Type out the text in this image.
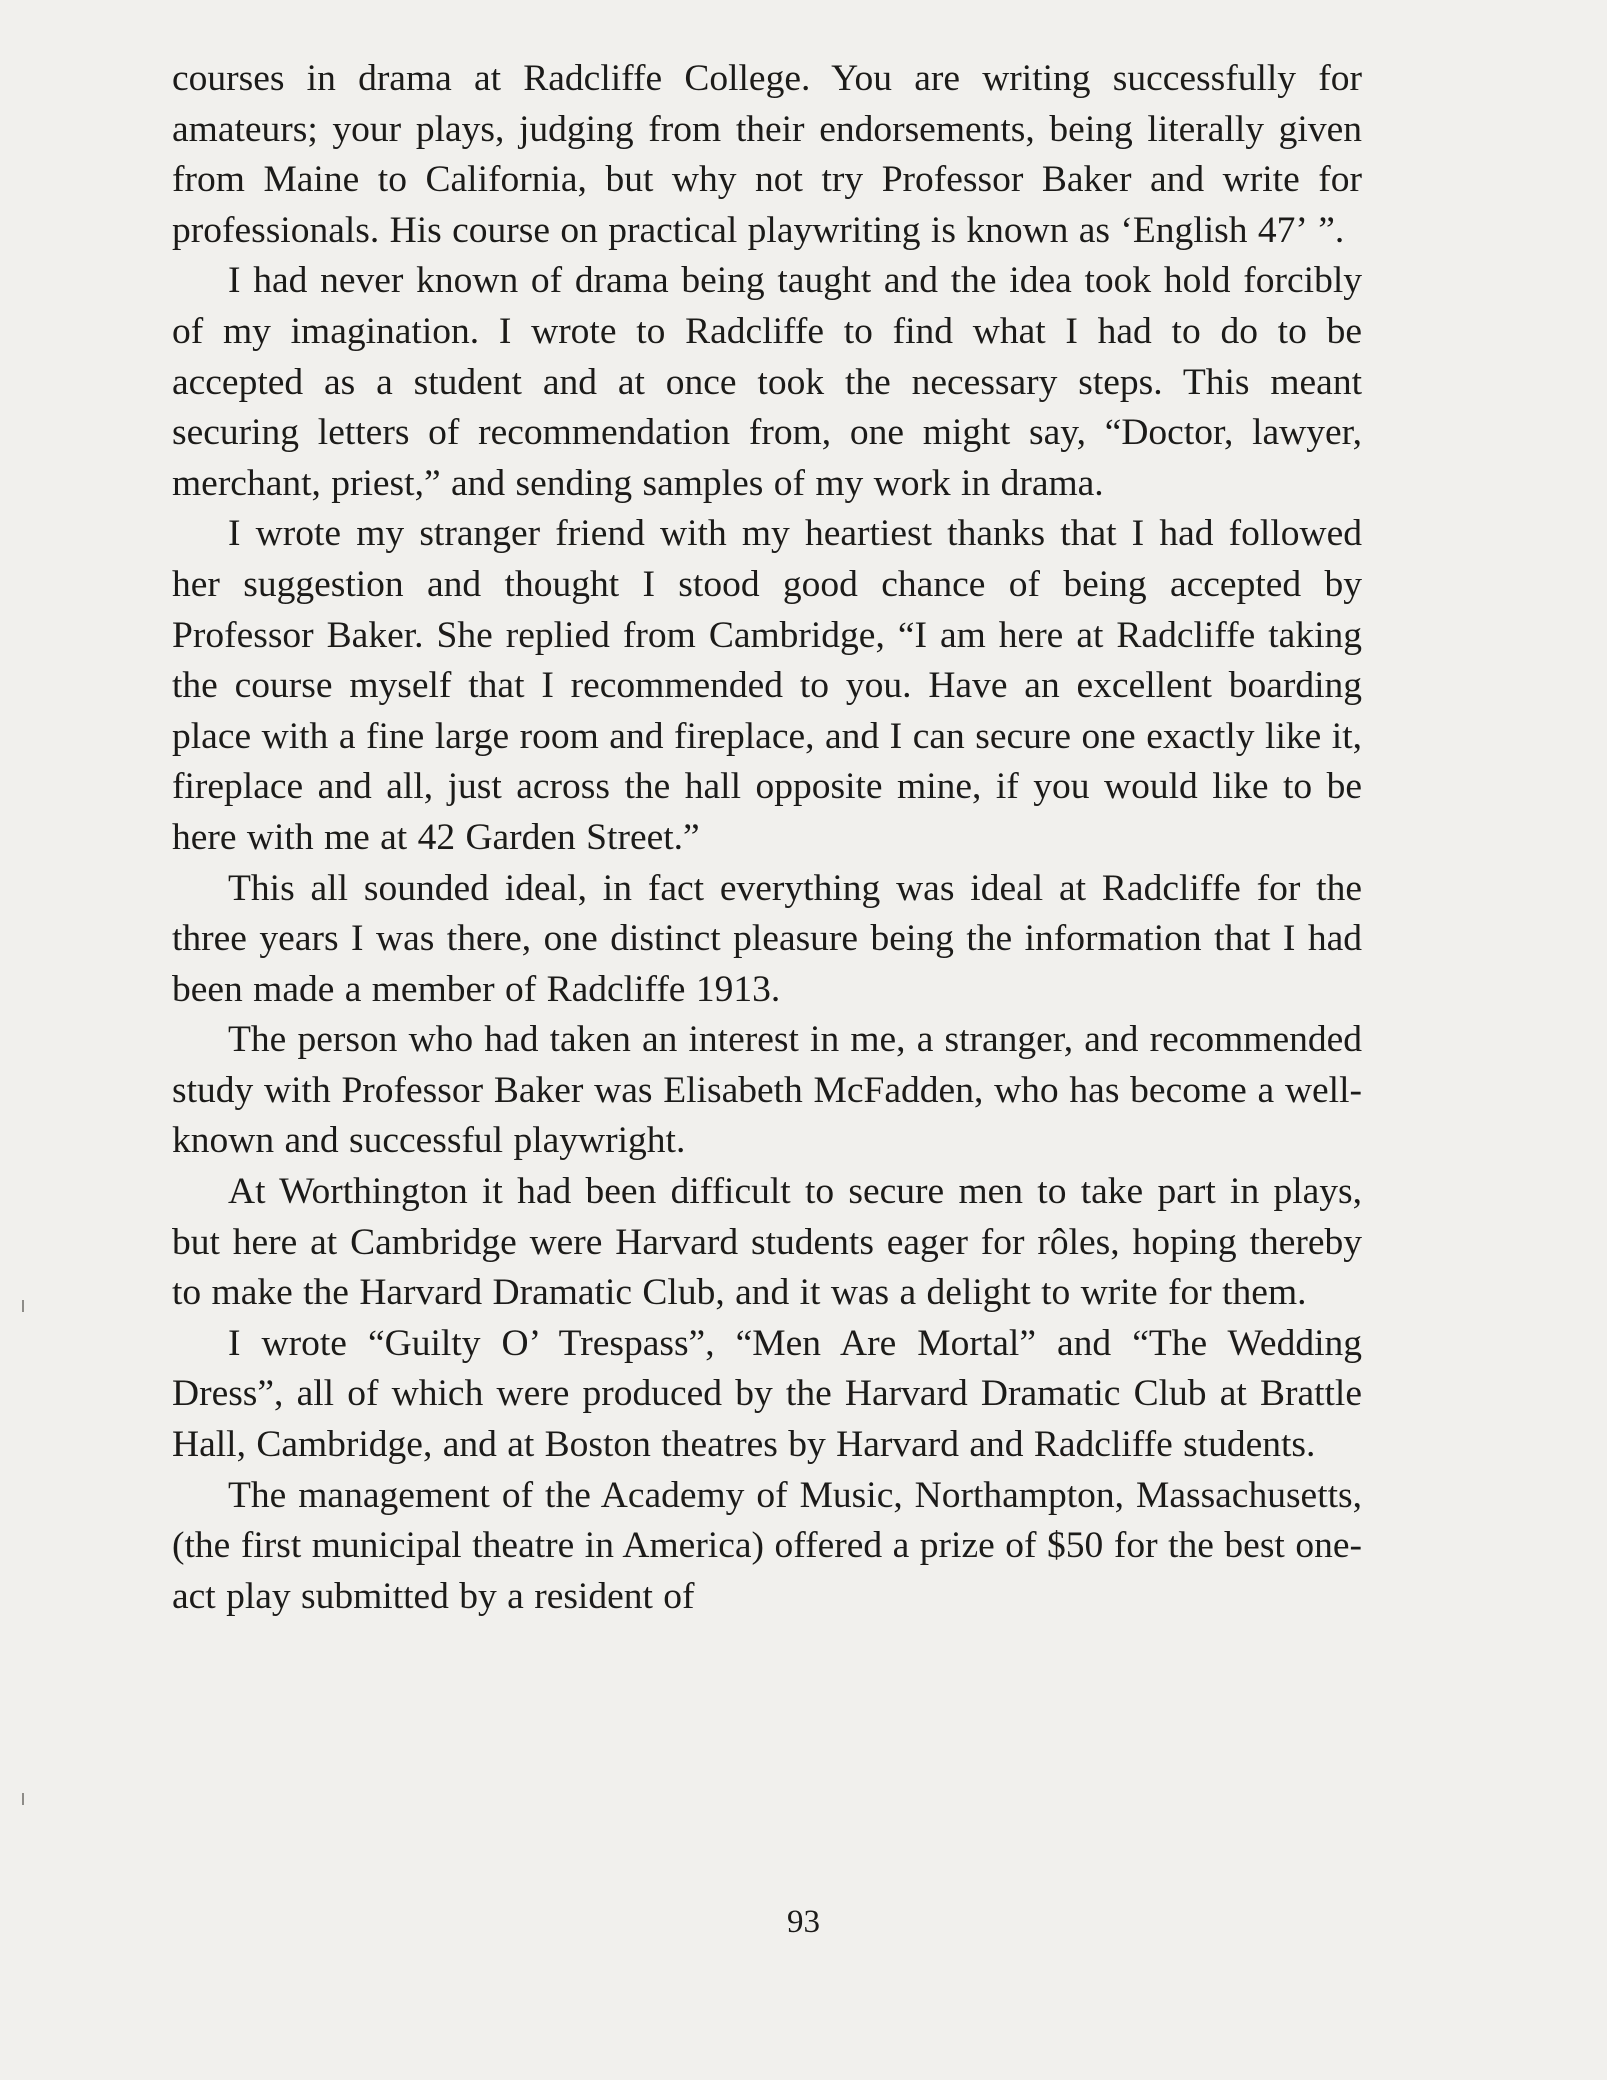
courses in drama at Radcliffe College. You are writing successfully for amateurs; your plays, judging from their endorsements, being literally given from Maine to California, but why not try Professor Baker and write for professionals. His course on practical playwriting is known as ‘English 47’ ”.

I had never known of drama being taught and the idea took hold forcibly of my imagination. I wrote to Radcliffe to find what I had to do to be accepted as a student and at once took the necessary steps. This meant securing letters of recommendation from, one might say, “Doctor, lawyer, merchant, priest,” and sending samples of my work in drama.

I wrote my stranger friend with my heartiest thanks that I had followed her suggestion and thought I stood good chance of being accepted by Professor Baker. She replied from Cambridge, “I am here at Radcliffe taking the course myself that I recommended to you. Have an excellent boarding place with a fine large room and fireplace, and I can secure one exactly like it, fireplace and all, just across the hall opposite mine, if you would like to be here with me at 42 Garden Street.”

This all sounded ideal, in fact everything was ideal at Radcliffe for the three years I was there, one distinct pleasure being the information that I had been made a member of Radcliffe 1913.

The person who had taken an interest in me, a stranger, and recommended study with Professor Baker was Elisabeth McFadden, who has become a well-known and successful playwright.

At Worthington it had been difficult to secure men to take part in plays, but here at Cambridge were Harvard students eager for rôles, hoping thereby to make the Harvard Dramatic Club, and it was a delight to write for them.

I wrote “Guilty O’ Trespass”, “Men Are Mortal” and “The Wedding Dress”, all of which were produced by the Harvard Dramatic Club at Brattle Hall, Cambridge, and at Boston theatres by Harvard and Radcliffe students.

The management of the Academy of Music, Northampton, Massachusetts, (the first municipal theatre in America) offered a prize of $50 for the best one-act play submitted by a resident of

93
